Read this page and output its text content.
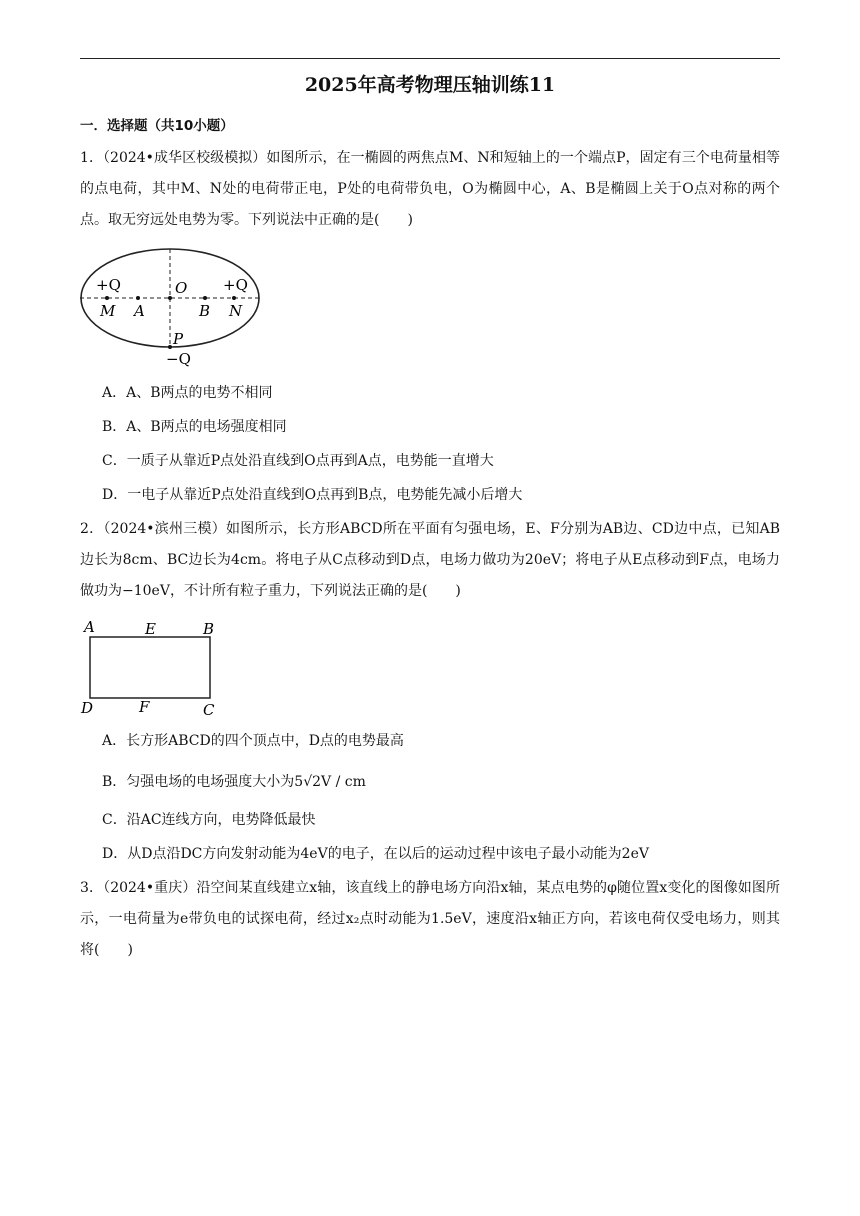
2025年高考物理压轴训练11
一．选择题（共10小题）
1．（2024•成华区校级模拟）如图所示，在一椭圆的两焦点M、N和短轴上的一个端点P，固定有三个电荷量相等的点电荷，其中M、N处的电荷带正电，P处的电荷带负电，O为椭圆中心，A、B是椭圆上关于O点对称的两个点。取无穷远处电势为零。下列说法中正确的是(　　)
+Q	+Q
M A
O
B N
P
−Q
A．A、B两点的电势不相同
B．A、B两点的电场强度相同
C．一质子从靠近P点处沿直线到O点再到A点，电势能一直增大
D．一电子从靠近P点处沿直线到O点再到B点，电势能先减小后增大
2．（2024•滨州三模）如图所示，长方形ABCD所在平面有匀强电场，E、F分别为AB边、CD边中点，已知AB边长为8cm、BC边长为4cm。将电子从C点移动到D点，电场力做功为20eV；将电子从E点移动到F点，电场力做功为−10eV，不计所有粒子重力，下列说法正确的是(　　)
A	E	B
D	F	C
A．长方形ABCD的四个顶点中，D点的电势最高
B．匀强电场的电场强度大小为5√2V / cm
C．沿AC连线方向，电势降低最快
D．从D点沿DC方向发射动能为4eV的电子，在以后的运动过程中该电子最小动能为2eV
3．（2024•重庆）沿空间某直线建立x轴，该直线上的静电场方向沿x轴，某点电势的φ随位置x变化的图像如图所示，一电荷量为e带负电的试探电荷，经过x₂点时动能为1.5eV，速度沿x轴正方向，若该电荷仅受电场力，则其将(　　)
